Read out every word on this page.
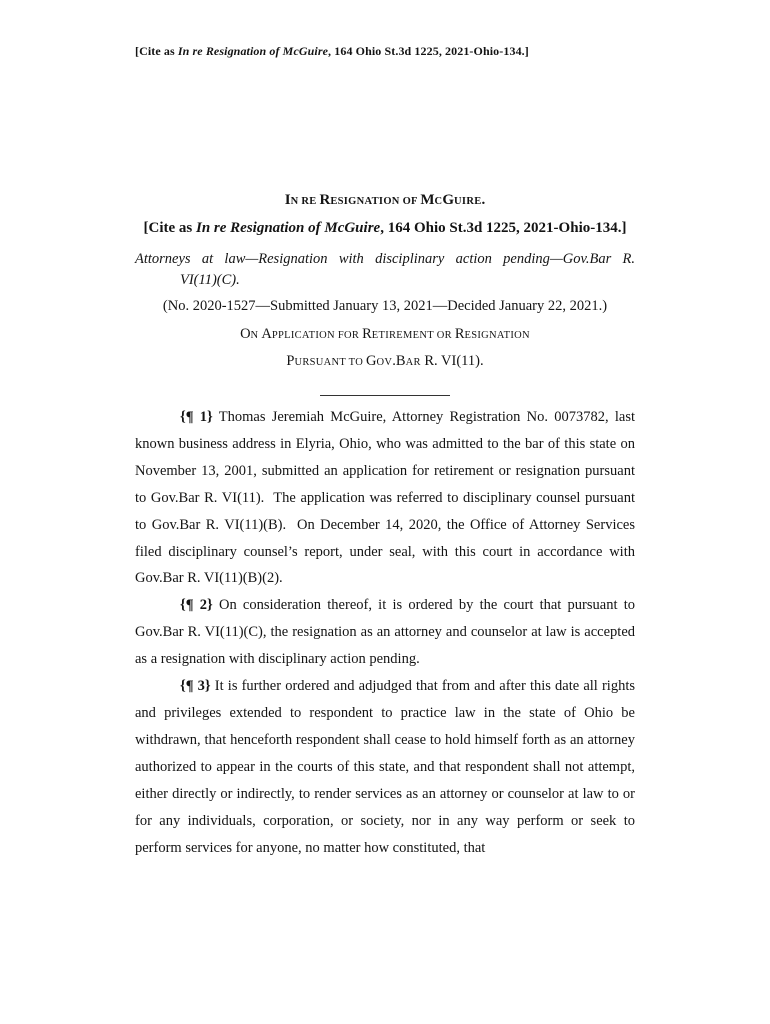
[Cite as In re Resignation of McGuire, 164 Ohio St.3d 1225, 2021-Ohio-134.]
IN RE RESIGNATION OF MCGUIRE.
[Cite as In re Resignation of McGuire, 164 Ohio St.3d 1225, 2021-Ohio-134.]
Attorneys at law—Resignation with disciplinary action pending—Gov.Bar R.
VI(11)(C).
(No. 2020-1527—Submitted January 13, 2021—Decided January 22, 2021.)
ON APPLICATION FOR RETIREMENT OR RESIGNATION
PURSUANT TO GOV.BAR R. VI(11).

{¶ 1} Thomas Jeremiah McGuire, Attorney Registration No. 0073782, last known business address in Elyria, Ohio, who was admitted to the bar of this state on November 13, 2001, submitted an application for retirement or resignation pursuant to Gov.Bar R. VI(11).  The application was referred to disciplinary counsel pursuant to Gov.Bar R. VI(11)(B).  On December 14, 2020, the Office of Attorney Services filed disciplinary counsel’s report, under seal, with this court in accordance with Gov.Bar R. VI(11)(B)(2).

{¶ 2} On consideration thereof, it is ordered by the court that pursuant to Gov.Bar R. VI(11)(C), the resignation as an attorney and counselor at law is accepted as a resignation with disciplinary action pending.

{¶ 3} It is further ordered and adjudged that from and after this date all rights and privileges extended to respondent to practice law in the state of Ohio be withdrawn, that henceforth respondent shall cease to hold himself forth as an attorney authorized to appear in the courts of this state, and that respondent shall not attempt, either directly or indirectly, to render services as an attorney or counselor at law to or for any individuals, corporation, or society, nor in any way perform or seek to perform services for anyone, no matter how constituted, that
